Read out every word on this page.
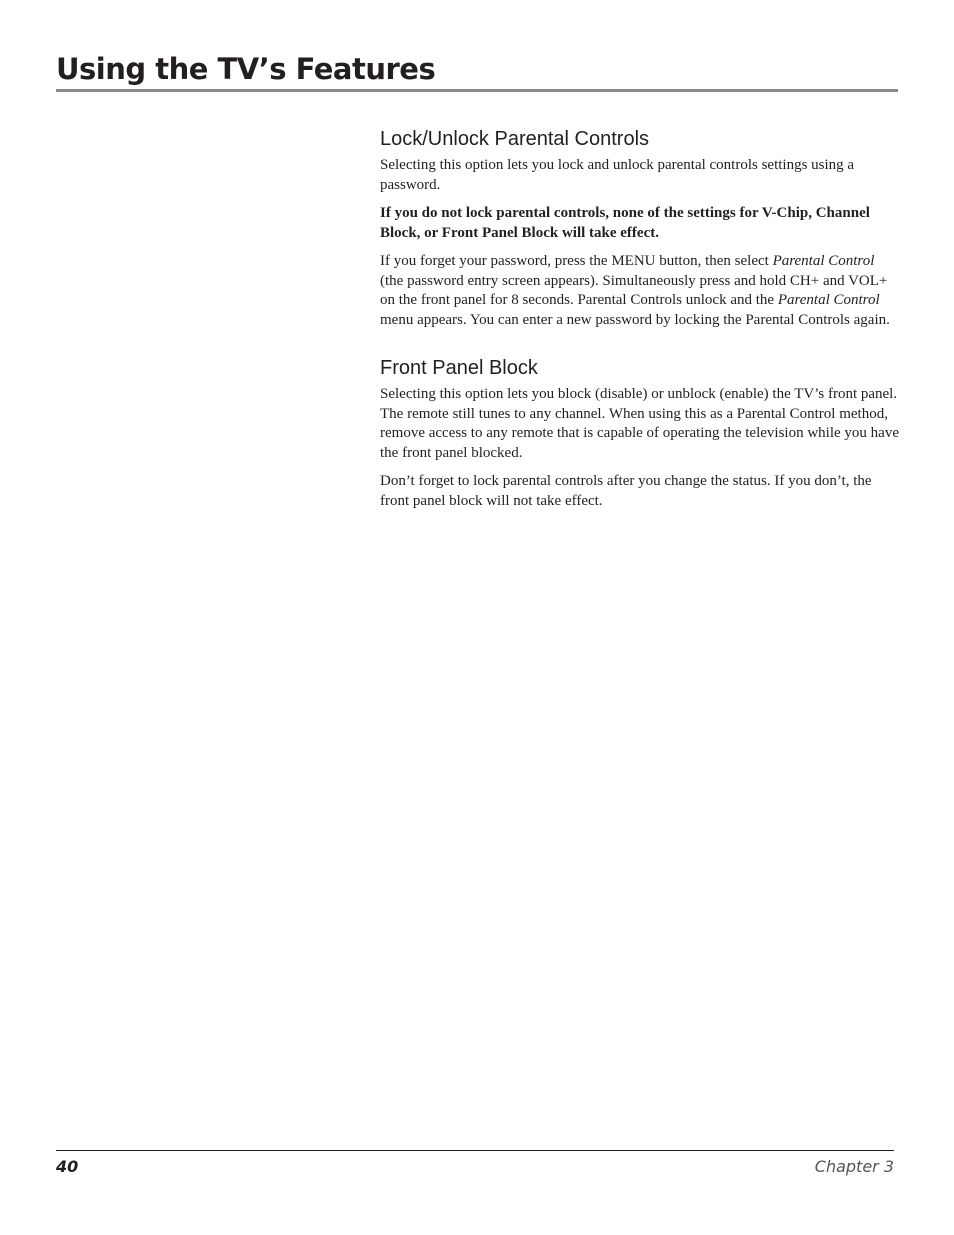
Using the TV’s Features
Lock/Unlock Parental Controls

Selecting this option lets you lock and unlock parental controls settings using a password.

If you do not lock parental controls, none of the settings for V-Chip, Channel Block, or Front Panel Block will take effect.

If you forget your password, press the MENU button, then select Parental Control (the password entry screen appears). Simultaneously press and hold CH+ and VOL+ on the front panel for 8 seconds. Parental Controls unlock and the Parental Control menu appears. You can enter a new password by locking the Parental Controls again.

Front Panel Block

Selecting this option lets you block (disable) or unblock (enable) the TV’s front panel. The remote still tunes to any channel. When using this as a Parental Control method, remove access to any remote that is capable of operating the television while you have the front panel blocked.

Don’t forget to lock parental controls after you change the status. If you don’t, the front panel block will not take effect.

40	Chapter 3
